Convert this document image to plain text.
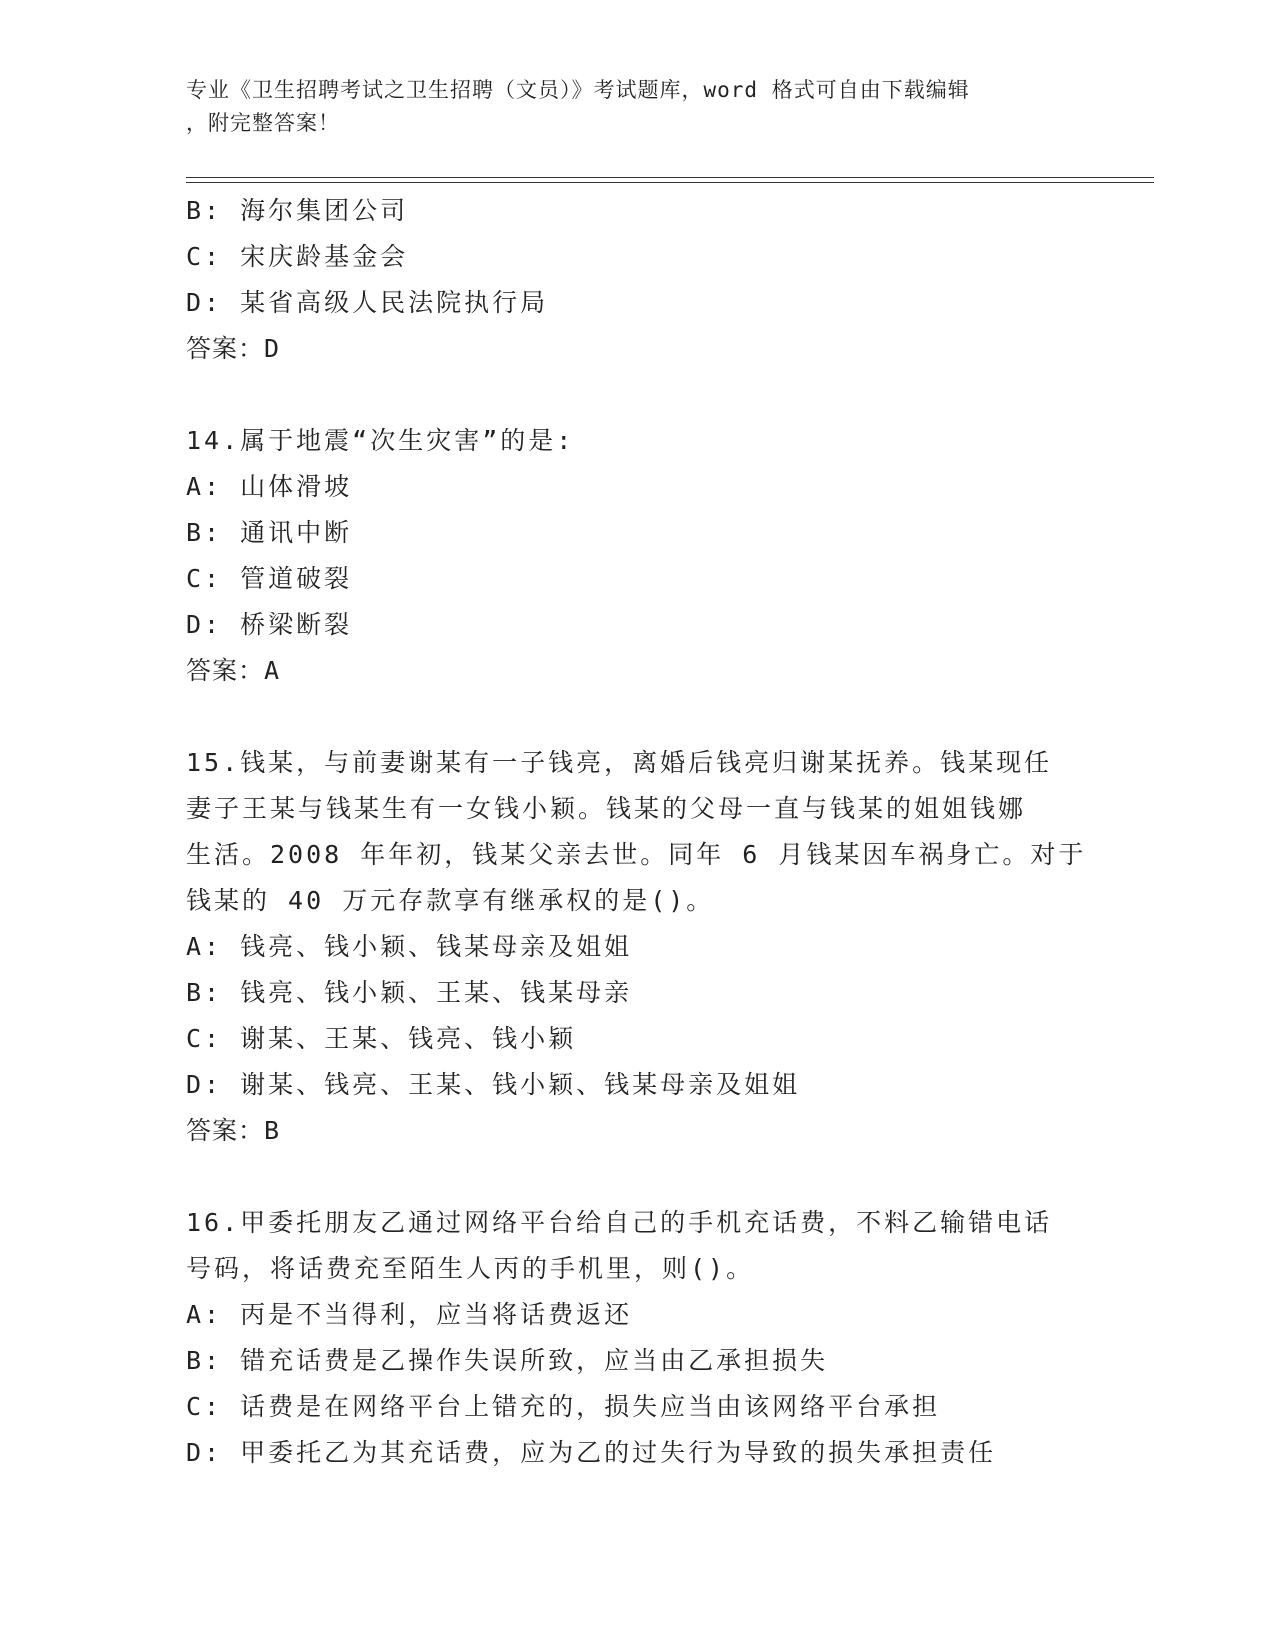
专业《卫生招聘考试之卫生招聘（文员）》考试题库，word 格式可自由下载编辑
，附完整答案！
B: 海尔集团公司
C: 宋庆龄基金会
D: 某省高级人民法院执行局
答案：D
14.属于地震“次生灾害”的是:
A: 山体滑坡
B: 通讯中断
C: 管道破裂
D: 桥梁断裂
答案：A
15.钱某，与前妻谢某有一子钱亮，离婚后钱亮归谢某抚养。钱某现任
妻子王某与钱某生有一女钱小颖。钱某的父母一直与钱某的姐姐钱娜
生活。2008 年年初，钱某父亲去世。同年 6 月钱某因车祸身亡。对于
钱某的 40 万元存款享有继承权的是()。
A: 钱亮、钱小颖、钱某母亲及姐姐
B: 钱亮、钱小颖、王某、钱某母亲
C: 谢某、王某、钱亮、钱小颖
D: 谢某、钱亮、王某、钱小颖、钱某母亲及姐姐
答案：B
16.甲委托朋友乙通过网络平台给自己的手机充话费，不料乙输错电话
号码，将话费充至陌生人丙的手机里，则()。
A: 丙是不当得利，应当将话费返还
B: 错充话费是乙操作失误所致，应当由乙承担损失
C: 话费是在网络平台上错充的，损失应当由该网络平台承担
D: 甲委托乙为其充话费，应为乙的过失行为导致的损失承担责任
